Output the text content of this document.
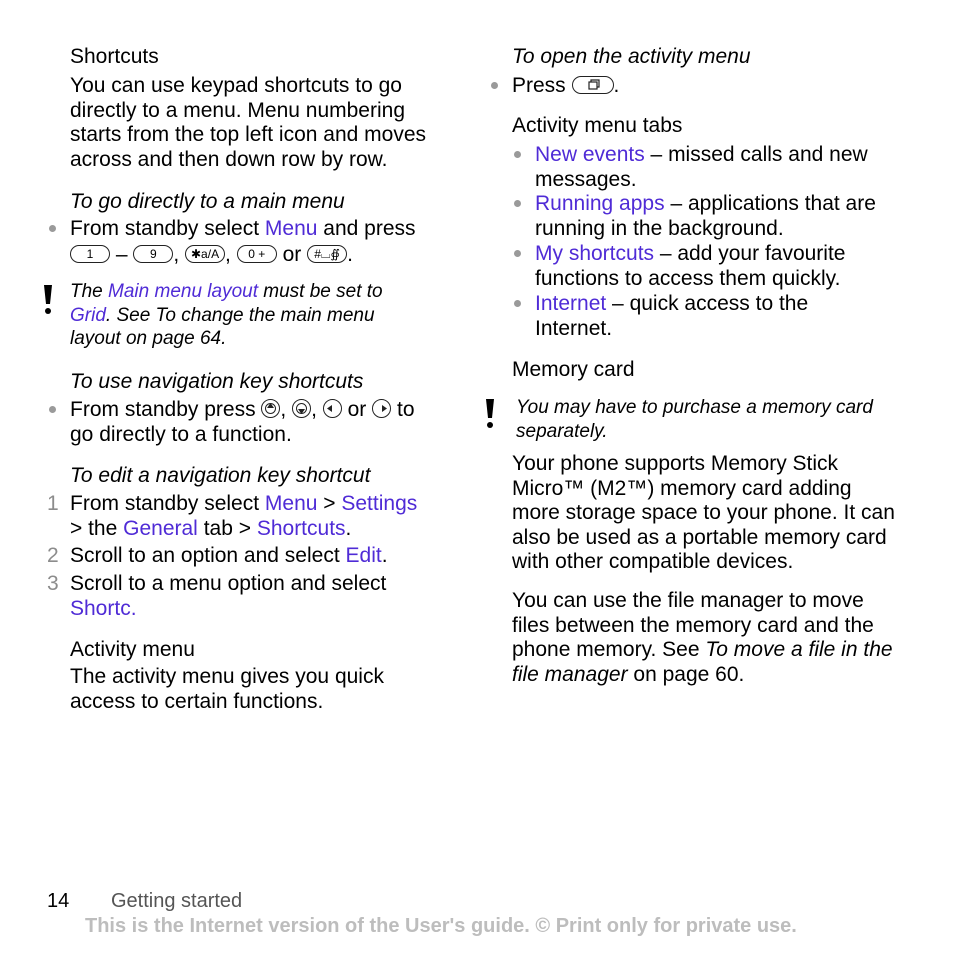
Shortcuts
You can use keypad shortcuts to go directly to a menu. Menu numbering starts from the top left icon and moves across and then down row by row.
To go directly to a main menu
From standby select Menu and press
1 – 9 , ✱a/A , 0 + or #⌴∯ .
The Main menu layout must be set to
Grid. See To change the main menu
layout on page 64.
To use navigation key shortcuts
From standby press ,
,
or to
go directly to a function.
To edit a navigation key shortcut
1 From standby select Menu > Settings
> the General tab > Shortcuts.
2 Scroll to an option and select Edit.
3 Scroll to a menu option and select
Shortc.
Activity menu
The activity menu gives you quick access to certain functions.
To open the activity menu
Press .
Activity menu tabs
New events – missed calls and new
messages.
Running apps – applications that are
running in the background.
My shortcuts – add your favourite
functions to access them quickly.
Internet – quick access to the
Internet.
Memory card
You may have to purchase a memory card separately.
Your phone supports Memory Stick Micro™ (M2™) memory card adding more storage space to your phone. It can also be used as a portable memory card with other compatible devices.
You can use the file manager to move files between the memory card and the phone memory. See To move a file in the file manager on page 60.
14 Getting started
This is the Internet version of the User's guide. © Print only for private use.
